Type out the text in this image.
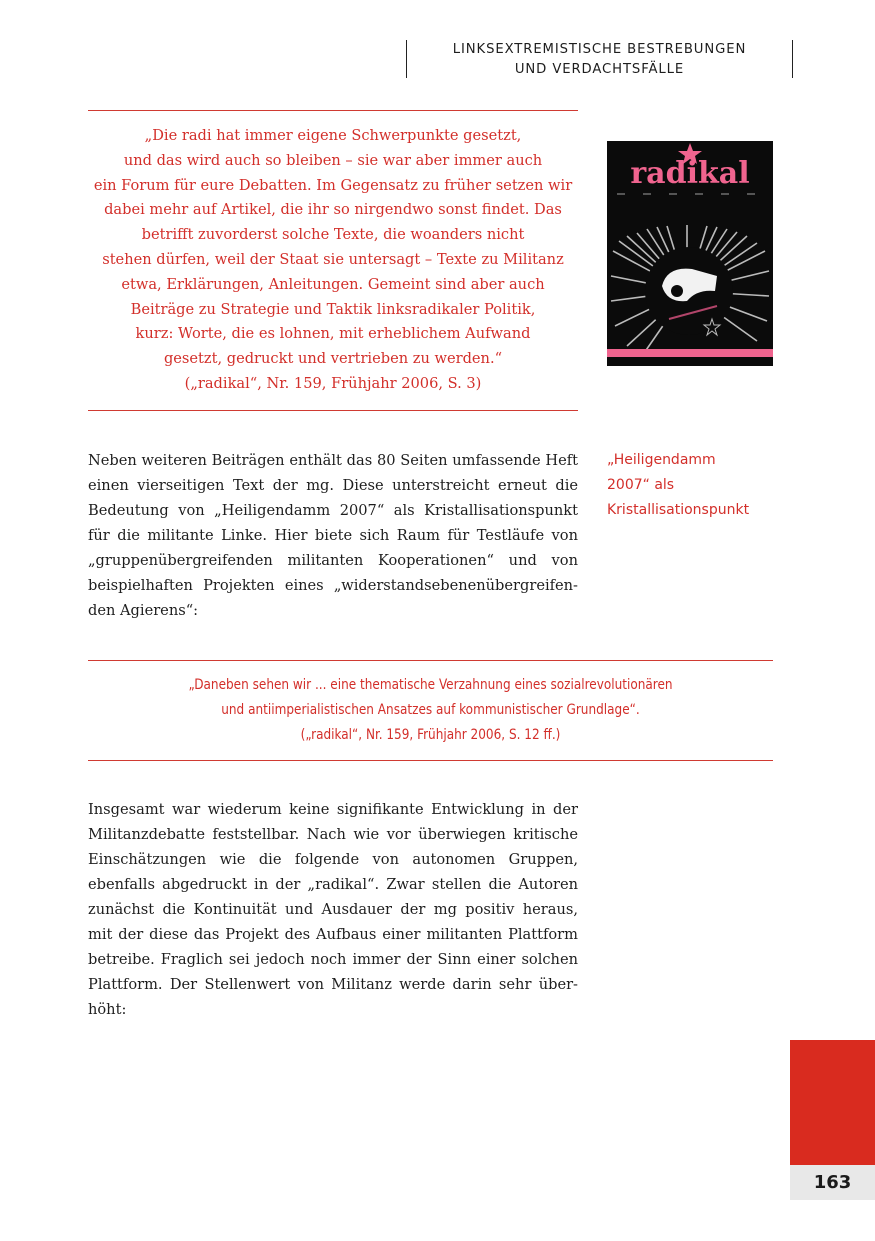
LINKSEXTREMISTISCHE BESTREBUNGEN
UND VERDACHTSFÄLLE
„Die radi hat immer eigene Schwerpunkte gesetzt,
und das wird auch so bleiben – sie war aber immer auch
ein Forum für eure Debatten. Im Gegensatz zu früher setzen wir
dabei mehr auf Artikel, die ihr so nirgendwo sonst findet. Das
betrifft zuvorderst solche Texte, die woanders nicht
stehen dürfen, weil der Staat sie untersagt – Texte zu Militanz
etwa, Erklärungen, Anleitungen. Gemeint sind aber auch
Beiträge zu Strategie und Taktik linksradikaler Politik,
kurz: Worte, die es lohnen, mit erheblichem Aufwand
gesetzt, gedruckt und vertrieben zu werden.“
(„radikal“, Nr. 159, Frühjahr 2006, S. 3)
radikal
Neben weiteren Beiträgen enthält das 80 Seiten umfassende Heft
einen vierseitigen Text der mg. Diese unterstreicht erneut die
Bedeutung von „Heiligendamm 2007“ als Kristallisationspunkt
für die militante Linke. Hier biete sich Raum für Testläufe von
„gruppenübergreifenden militanten Kooperationen“ und von
beispielhaften Projekten eines „widerstandsebenenübergreifen-
den Agierens“:
„Heiligendamm
2007“ als
Kristallisationspunkt
„Daneben sehen wir ... eine thematische Verzahnung eines sozialrevolutionären
und antiimperialistischen Ansatzes auf kommunistischer Grundlage“.
(„radikal“, Nr. 159, Frühjahr 2006, S. 12 ff.)
Insgesamt war wiederum keine signifikante Entwicklung in der
Militanzdebatte feststellbar. Nach wie vor überwiegen kritische
Einschätzungen wie die folgende von autonomen Gruppen,
ebenfalls abgedruckt in der „radikal“. Zwar stellen die Autoren
zunächst die Kontinuität und Ausdauer der mg positiv heraus,
mit der diese das Projekt des Aufbaus einer militanten Plattform
betreibe. Fraglich sei jedoch noch immer der Sinn einer solchen
Plattform. Der Stellenwert von Militanz werde darin sehr über-
höht:
163
